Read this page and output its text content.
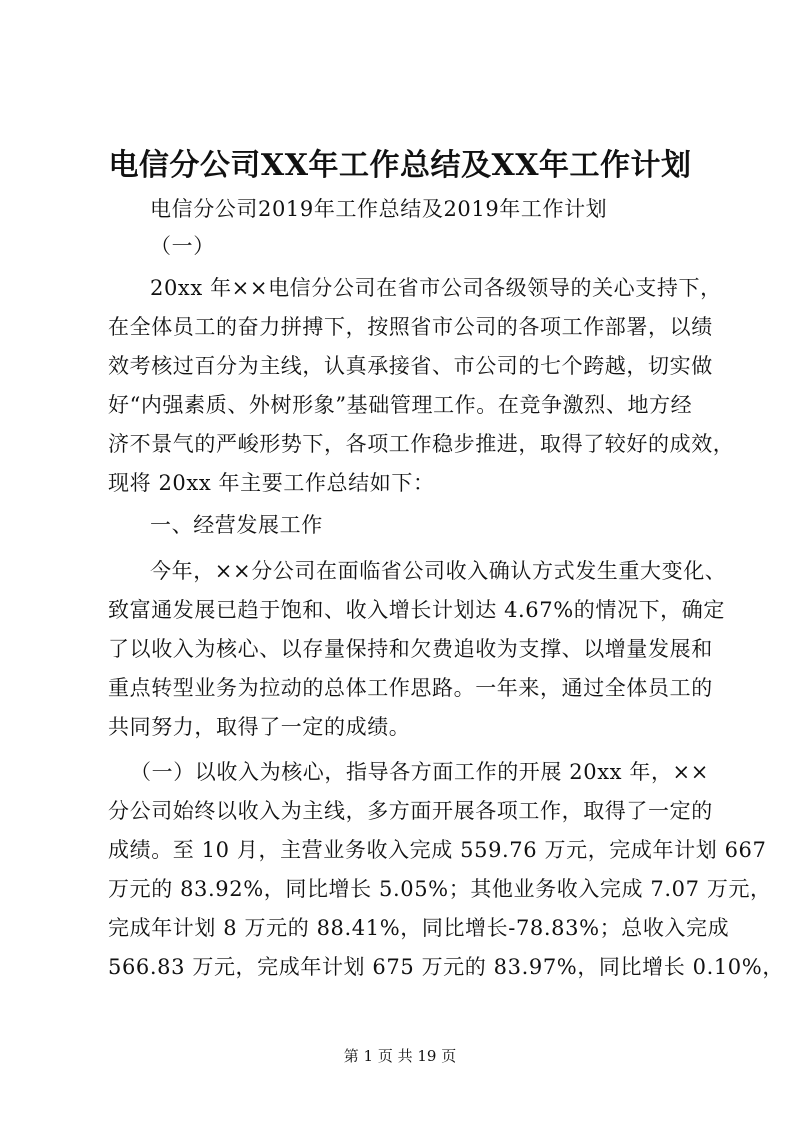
电信分公司XX年工作总结及XX年工作计划
电信分公司2019年工作总结及2019年工作计划
（一）
20xx 年××电信分公司在省市公司各级领导的关心支持下，
在全体员工的奋力拼搏下，按照省市公司的各项工作部署，以绩
效考核过百分为主线，认真承接省、市公司的七个跨越，切实做
好“内强素质、外树形象”基础管理工作。在竞争激烈、地方经
济不景气的严峻形势下，各项工作稳步推进，取得了较好的成效，
现将 20xx 年主要工作总结如下：
一、经营发展工作
今年，××分公司在面临省公司收入确认方式发生重大变化、
致富通发展已趋于饱和、收入增长计划达 4.67%的情况下，确定
了以收入为核心、以存量保持和欠费追收为支撑、以增量发展和
重点转型业务为拉动的总体工作思路。一年来，通过全体员工的
共同努力，取得了一定的成绩。
（一）以收入为核心，指导各方面工作的开展 20xx 年，××
分公司始终以收入为主线，多方面开展各项工作，取得了一定的
成绩。至 10 月，主营业务收入完成 559.76 万元，完成年计划 667
万元的 83.92%，同比增长 5.05%；其他业务收入完成 7.07 万元，
完成年计划 8 万元的 88.41%，同比增长-78.83%；总收入完成
566.83 万元，完成年计划 675 万元的 83.97%，同比增长 0.10%，
第 1 页 共 19 页
